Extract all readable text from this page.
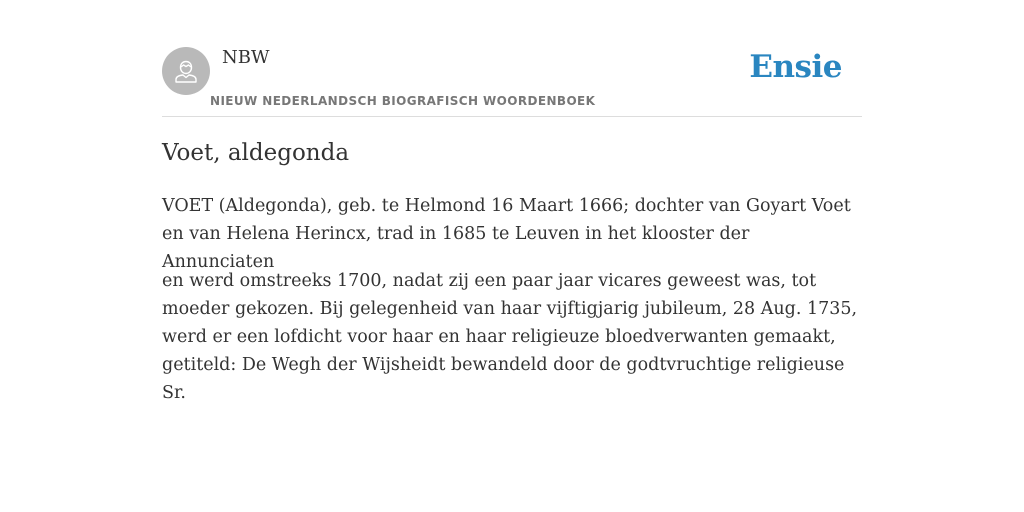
NBW
NIEUW NEDERLANDSCH BIOGRAFISCH WOORDENBOEK
Ensie
Voet, aldegonda

VOET (Aldegonda), geb. te Helmond 16 Maart 1666; dochter van Goyart Voet en van Helena Herincx, trad in 1685 te Leuven in het klooster der Annunciaten

en werd omstreeks 1700, nadat zij een paar jaar vicares geweest was, tot moeder gekozen. Bij gelegenheid van haar vijftigjarig jubileum, 28 Aug. 1735, werd er een lofdicht voor haar en haar religieuze bloedverwanten gemaakt, getiteld: De Wegh der Wijsheidt bewandeld door de godtvruchtige religieuse Sr.
